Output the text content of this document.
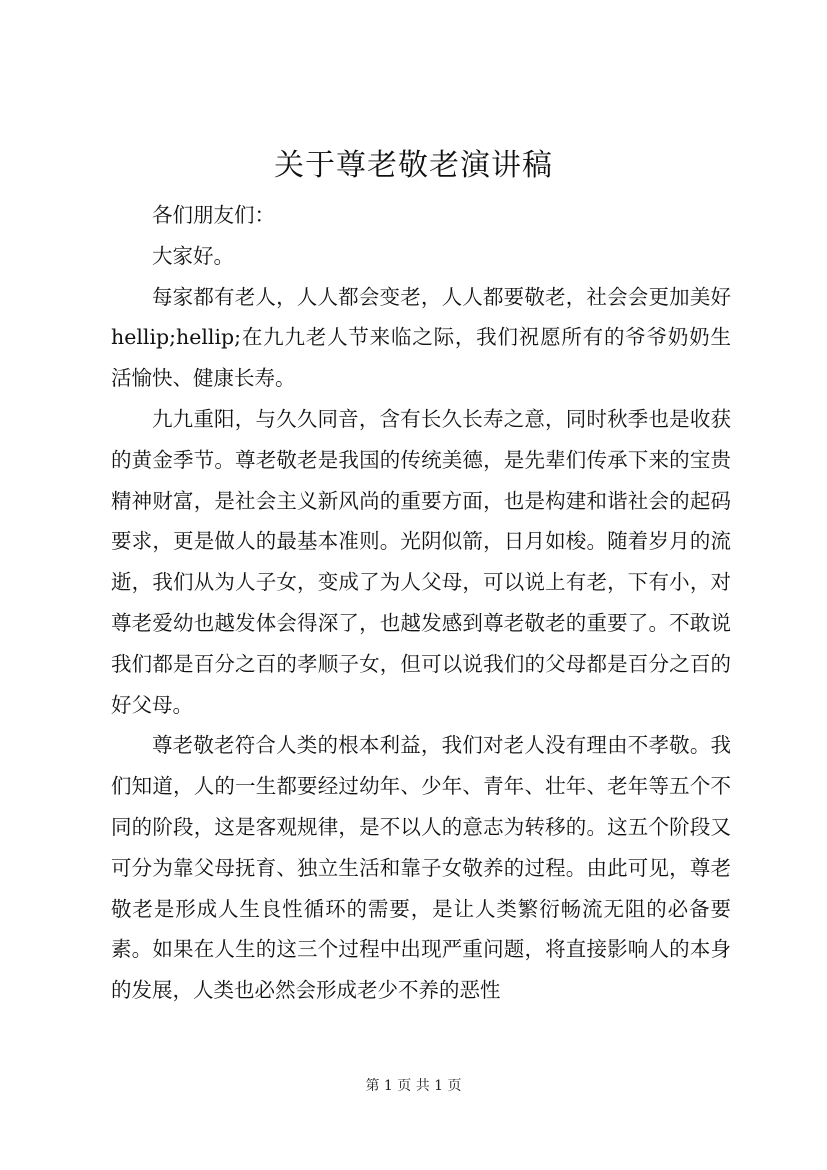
关于尊老敬老演讲稿

各们朋友们：

大家好。

每家都有老人，人人都会变老，人人都要敬老，社会会更加美好 hellip;hellip;在九九老人节来临之际，我们祝愿所有的爷爷奶奶生活愉快、健康长寿。

九九重阳，与久久同音，含有长久长寿之意，同时秋季也是收获的黄金季节。尊老敬老是我国的传统美德，是先辈们传承下来的宝贵精神财富，是社会主义新风尚的重要方面，也是构建和谐社会的起码要求，更是做人的最基本准则。光阴似箭，日月如梭。随着岁月的流逝，我们从为人子女，变成了为人父母，可以说上有老，下有小，对尊老爱幼也越发体会得深了，也越发感到尊老敬老的重要了。不敢说我们都是百分之百的孝顺子女，但可以说我们的父母都是百分之百的好父母。

尊老敬老符合人类的根本利益，我们对老人没有理由不孝敬。我们知道，人的一生都要经过幼年、少年、青年、壮年、老年等五个不同的阶段，这是客观规律，是不以人的意志为转移的。这五个阶段又可分为靠父母抚育、独立生活和靠子女敬养的过程。由此可见，尊老敬老是形成人生良性循环的需要，是让人类繁衍畅流无阻的必备要素。如果在人生的这三个过程中出现严重问题，将直接影响人的本身的发展，人类也必然会形成老少不养的恶性

第 1 页 共 1 页
